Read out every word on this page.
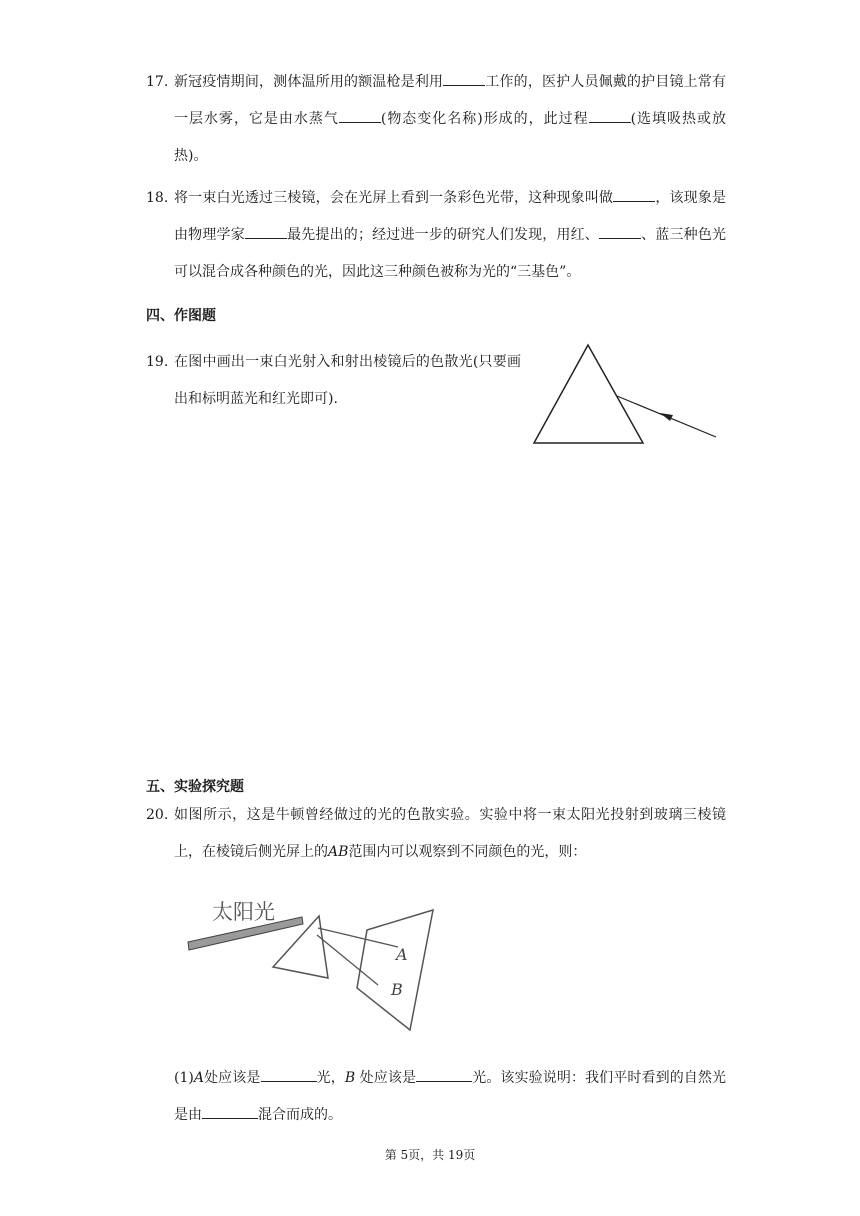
17. 新冠疫情期间，测体温所用的额温枪是利用	工作的，医护人员佩戴的护目镜上常有一层水雾，它是由水蒸气	(物态变化名称)形成的，此过程	(选填吸热或放热)。
18. 将一束白光透过三棱镜，会在光屏上看到一条彩色光带，这种现象叫做	，该现象是由物理学家	最先提出的；经过进一步的研究人们发现，用红、	、蓝三种色光可以混合成各种颜色的光，因此这三种颜色被称为光的“三基色”。
四、作图题
19. 在图中画出一束白光射入和射出棱镜后的色散光(只要画出和标明蓝光和红光即可).
五、实验探究题
20. 如图所示，这是牛顿曾经做过的光的色散实验。实验中将一束太阳光投射到玻璃三棱镜上，在棱镜后侧光屏上的AB范围内可以观察到不同颜色的光，则：
太阳光
A
B
(1)A处应该是	光，B 处应该是	光。该实验说明：我们平时看到的自然光是由	混合而成的。
第 5页，共 19页
